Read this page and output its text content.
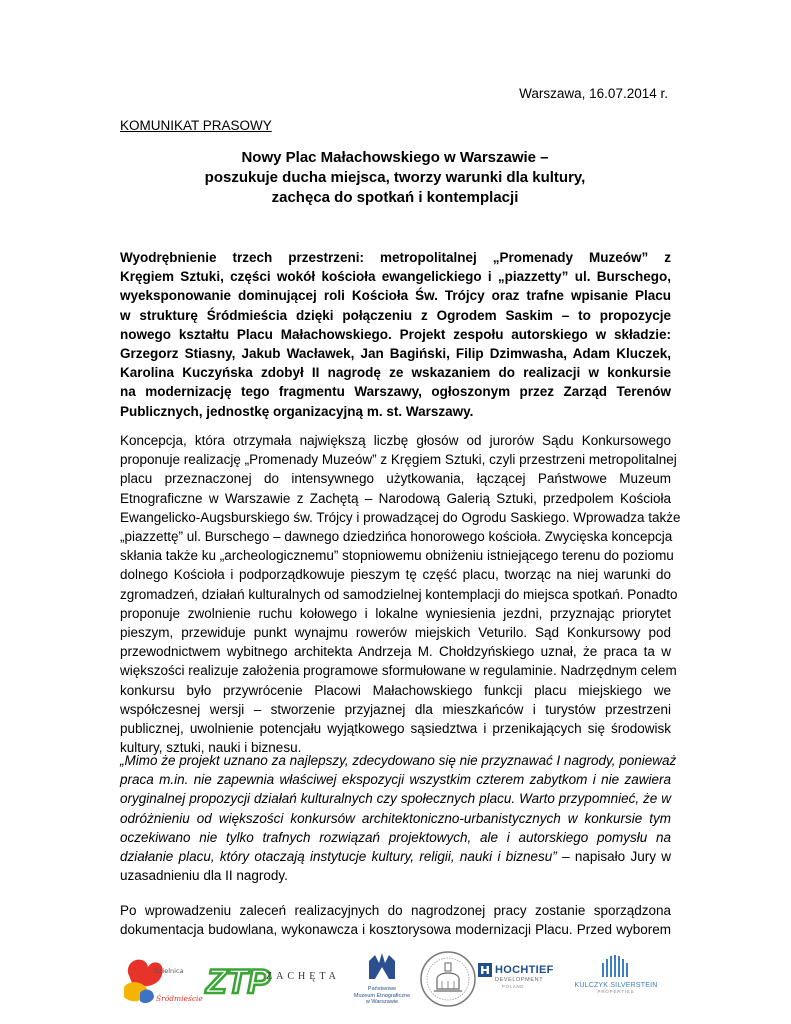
Warszawa, 16.07.2014 r.
KOMUNIKAT PRASOWY
Nowy Plac Małachowskiego w Warszawie –
poszukuje ducha miejsca, tworzy warunki dla kultury,
zachęca do spotkań i kontemplacji
Wyodrębnienie trzech przestrzeni: metropolitalnej „Promenady Muzeów” z
Kręgiem Sztuki, części wokół kościoła ewangelickiego i „piazzetty” ul. Burschego,
wyeksponowanie dominującej roli Kościoła Św. Trójcy oraz trafne wpisanie Placu
w strukturę Śródmieścia dzięki połączeniu z Ogrodem Saskim – to propozycje
nowego kształtu Placu Małachowskiego. Projekt zespołu autorskiego w składzie:
Grzegorz Stiasny, Jakub Wacławek, Jan Bagiński, Filip Dzimwasha, Adam Kluczek,
Karolina Kuczyńska zdobył II nagrodę ze wskazaniem do realizacji w konkursie
na modernizację tego fragmentu Warszawy, ogłoszonym przez Zarząd Terenów
Publicznych, jednostkę organizacyjną m. st. Warszawy.
Koncepcja, która otrzymała największą liczbę głosów od jurorów Sądu Konkursowego
proponuje realizację „Promenady Muzeów” z Kręgiem Sztuki, czyli przestrzeni metropolitalnej
placu przeznaczonej do intensywnego użytkowania, łączącej Państwowe Muzeum
Etnograficzne w Warszawie z Zachętą – Narodową Galerią Sztuki, przedpolem Kościoła
Ewangelicko-Augsburskiego św. Trójcy i prowadzącej do Ogrodu Saskiego. Wprowadza także
„piazzettę” ul. Burschego – dawnego dziedzińca honorowego kościoła. Zwycięska koncepcja
skłania także ku „archeologicznemu” stopniowemu obniżeniu istniejącego terenu do poziomu
dolnego Kościoła i podporządkowuje pieszym tę część placu, tworząc na niej warunki do
zgromadzeń, działań kulturalnych od samodzielnej kontemplacji do miejsca spotkań. Ponadto
proponuje zwolnienie ruchu kołowego i lokalne wyniesienia jezdni, przyznając priorytet
pieszym, przewiduje punkt wynajmu rowerów miejskich Veturilo. Sąd Konkursowy pod
przewodnictwem wybitnego architekta Andrzeja M. Chołdzyńskiego uznał, że praca ta w
większości realizuje założenia programowe sformułowane w regulaminie. Nadrzędnym celem
konkursu było przywrócenie Placowi Małachowskiego funkcji placu miejskiego we
współczesnej wersji – stworzenie przyjaznej dla mieszkańców i turystów przestrzeni
publicznej, uwolnienie potencjału wyjątkowego sąsiedztwa i przenikających się środowisk
kultury, sztuki, nauki i biznesu.
„Mimo że projekt uznano za najlepszy, zdecydowano się nie przyznawać I nagrody, ponieważ
praca m.in. nie zapewnia właściwej ekspozycji wszystkim czterem zabytkom i nie zawiera
oryginalnej propozycji działań kulturalnych czy społecznych placu. Warto przypomnieć, że w
odróżnieniu od większości konkursów architektoniczno-urbanistycznych w konkursie tym
oczekiwano nie tylko trafnych rozwiązań projektowych, ale i autorskiego pomysłu na
działanie placu, który otaczają instytucje kultury, religii, nauki i biznesu” – napisało Jury w
uzasadnieniu dla II nagrody.
Po wprowadzeniu zaleceń realizacyjnych do nagrodzonej pracy zostanie sporządzona
dokumentacja budowlana, wykonawcza i kosztorysowa modernizacji Placu. Przed wyborem
Dzielnica
Śródmieście ZTP
ZACHĘTA
Państwowe
Muzeum Etnograficzne
w Warszawie
HOCHTIEF
DEVELOPMENT
POLAND	KULCZYK SILVERSTEIN
PROPERTIES
